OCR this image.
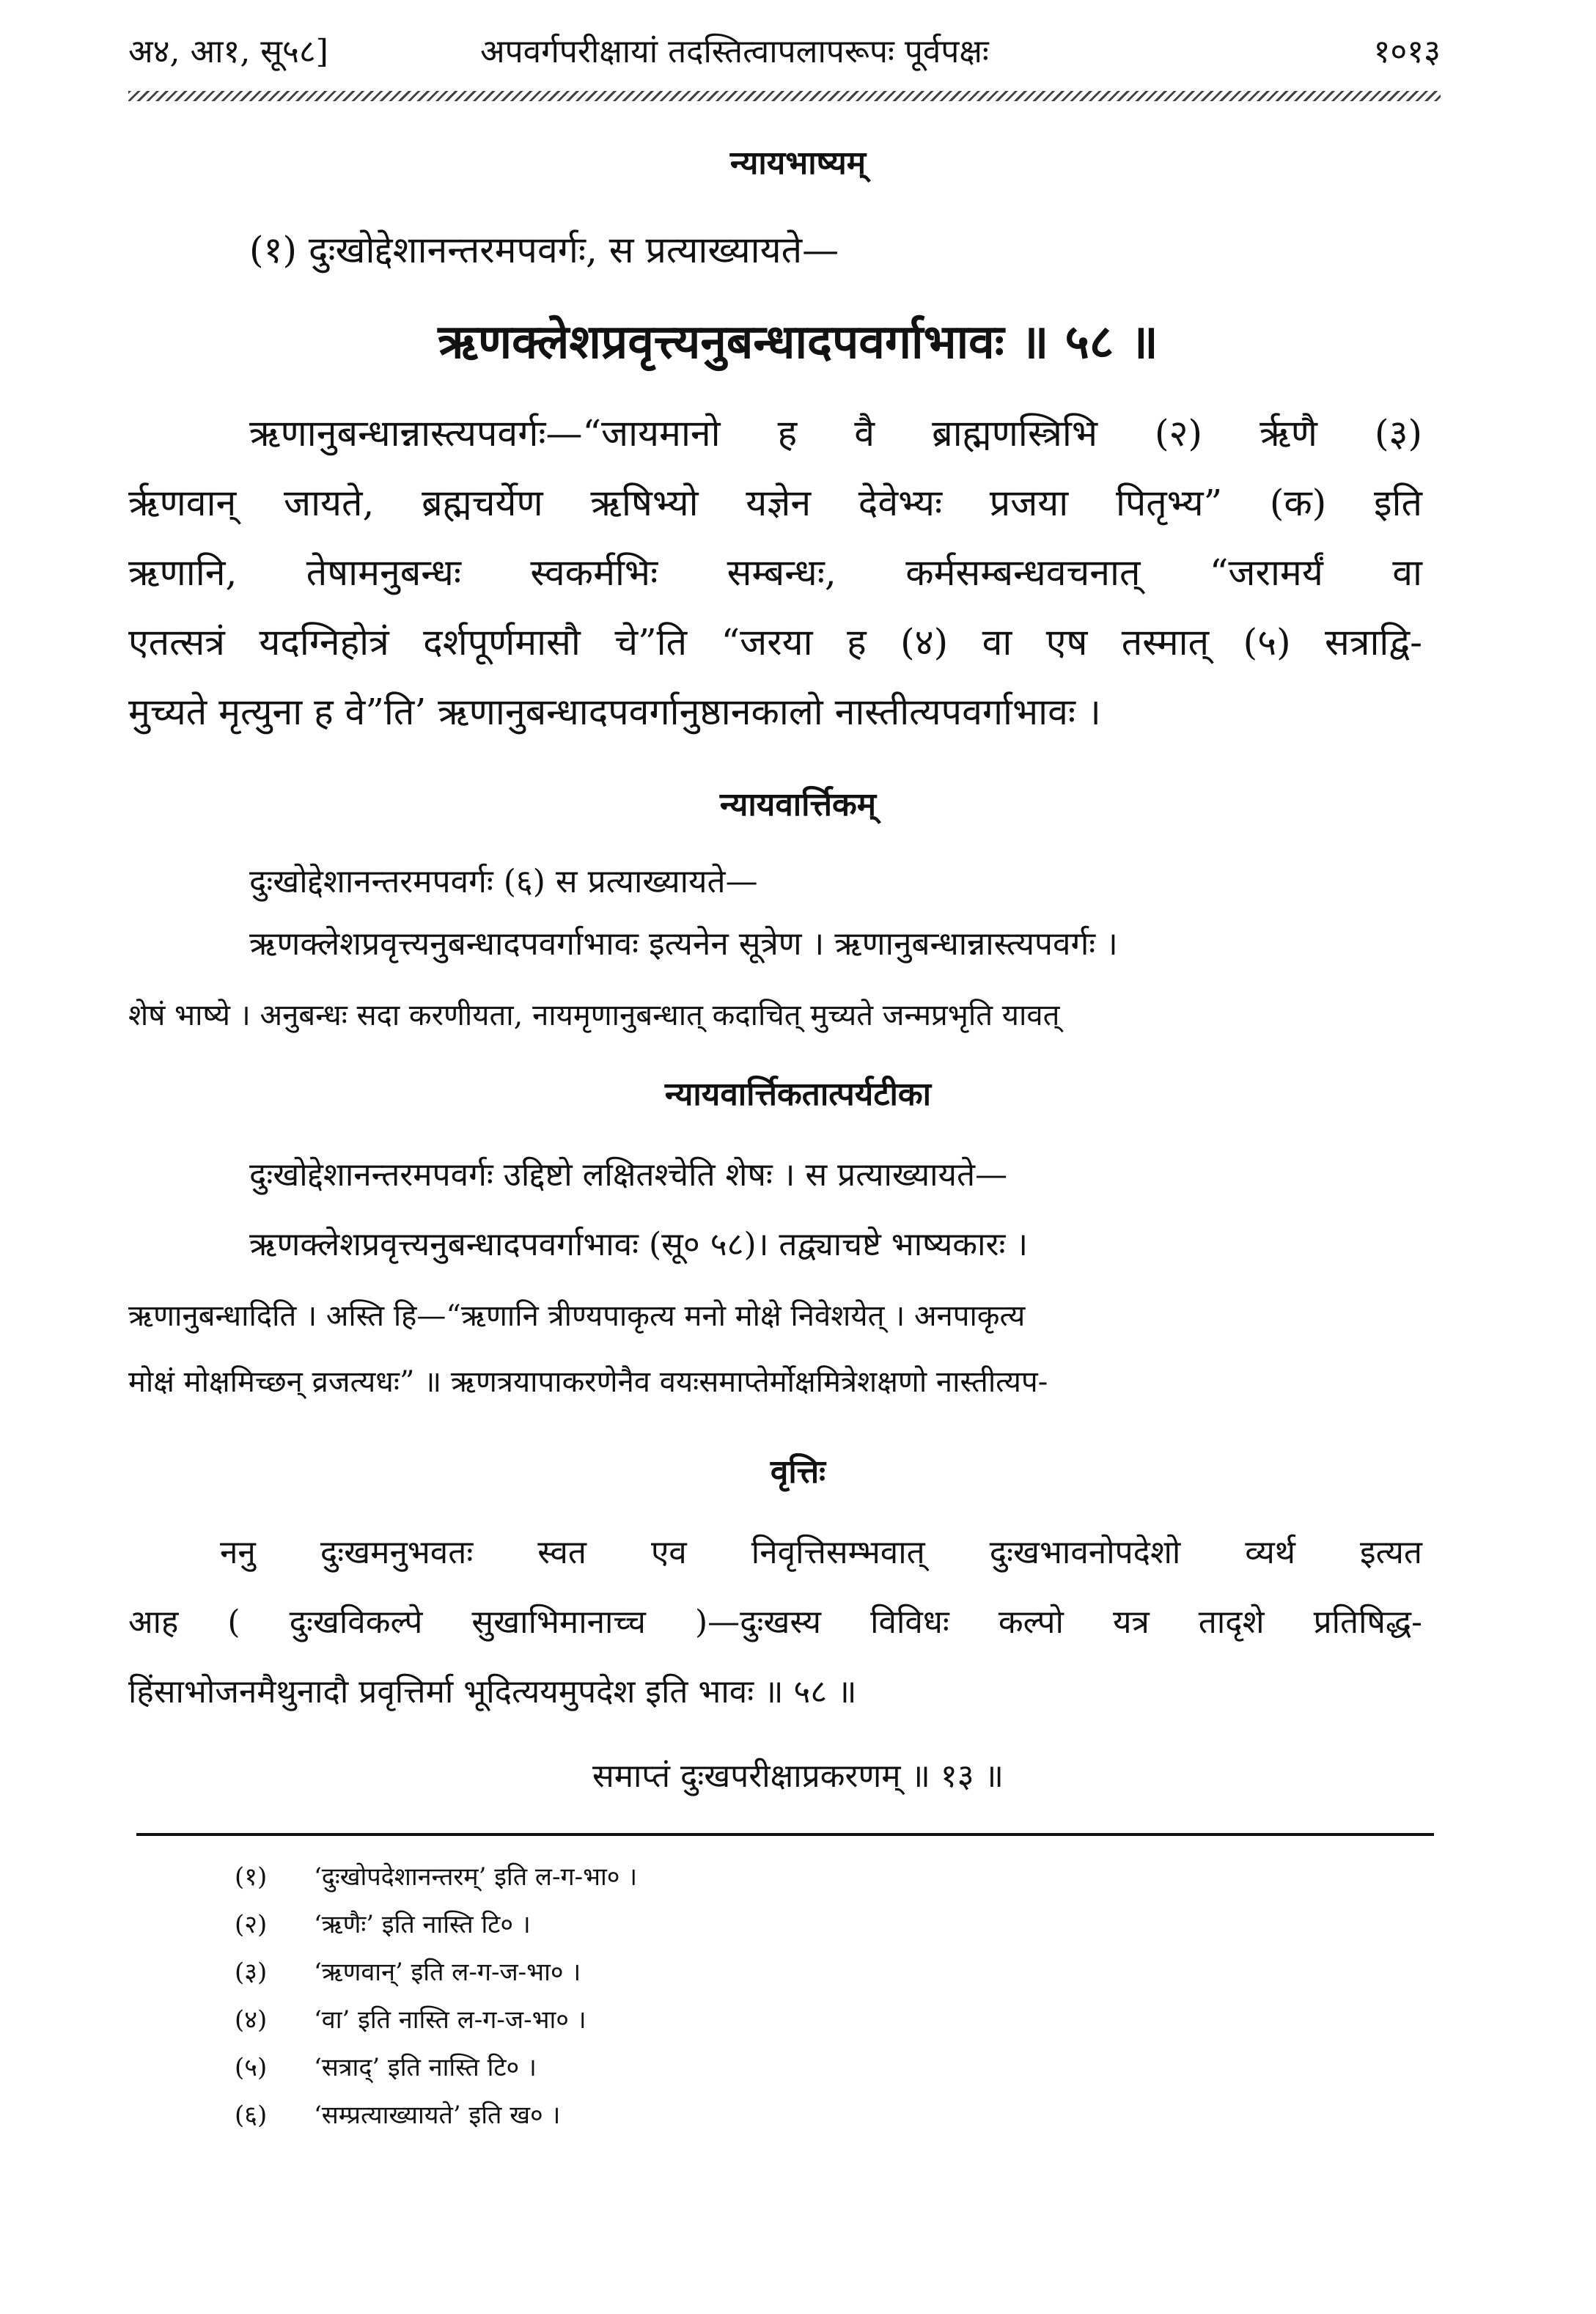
अ४, आ१, सू५८]	अपवर्गपरीक्षायां तदस्तित्वापलापरूपः पूर्वपक्षः	१०१३
न्यायभाष्यम्
(१) दुःखोद्देशानन्तरमपवर्गः, स प्रत्याख्यायते—
ऋणक्लेशप्रवृत्त्यनुबन्धादपवर्गाभावः ॥ ५८ ॥
ऋणानुबन्धान्नास्त्यपवर्गः—“जायमानो ह वै ब्राह्मणस्त्रिभि (२) र्ऋणै (३)
र्ऋणवान् जायते, ब्रह्मचर्येण ऋषिभ्यो यज्ञेन देवेभ्यः प्रजया पितृभ्य” (क) इति
ऋणानि, तेषामनुबन्धः स्वकर्मभिः सम्बन्धः, कर्मसम्बन्धवचनात् “जरामर्यं वा
एतत्सत्रं यदग्निहोत्रं दर्शपूर्णमासौ चे”ति “जरया ह (४) वा एष तस्मात् (५) सत्राद्वि-
मुच्यते मृत्युना ह वे”ति’ ऋणानुबन्धादपवर्गानुष्ठानकालो नास्तीत्यपवर्गाभावः ।
न्यायवार्त्तिकम्
दुःखोद्देशानन्तरमपवर्गः (६) स प्रत्याख्यायते—
ऋणक्लेशप्रवृत्त्यनुबन्धादपवर्गाभावः इत्यनेन सूत्रेण । ऋणानुबन्धान्नास्त्यपवर्गः ।
शेषं भाष्ये । अनुबन्धः सदा करणीयता, नायमृणानुबन्धात् कदाचित् मुच्यते जन्मप्रभृति यावत्
न्यायवार्त्तिकतात्पर्यटीका
दुःखोद्देशानन्तरमपवर्गः उद्दिष्टो लक्षितश्चेति शेषः । स प्रत्याख्यायते—
ऋणक्लेशप्रवृत्त्यनुबन्धादपवर्गाभावः (सू० ५८)। तद्व्याचष्टे भाष्यकारः ।
ऋणानुबन्धादिति । अस्ति हि—“ऋणानि त्रीण्यपाकृत्य मनो मोक्षे निवेशयेत् । अनपाकृत्य
मोक्षं मोक्षमिच्छन् व्रजत्यधः” ॥ ऋणत्रयापाकरणेनैव वयःसमाप्तेर्मोक्षमित्रेशक्षणो नास्तीत्यप-
वृत्तिः
ननु दुःखमनुभवतः स्वत एव निवृत्तिसम्भवात् दुःखभावनोपदेशो व्यर्थ इत्यत
आह ( दुःखविकल्पे सुखाभिमानाच्च )—दुःखस्य विविधः कल्पो यत्र तादृशे प्रतिषिद्ध-
हिंसाभोजनमैथुनादौ प्रवृत्तिर्मा भूदित्ययमुपदेश इति भावः ॥ ५८ ॥
समाप्तं दुःखपरीक्षाप्रकरणम् ॥ १३ ॥
(१) ‘दुःखोपदेशानन्तरम्’ इति ल-ग-भा० ।
(२) ‘ऋणैः’ इति नास्ति टि० ।
(३) ‘ऋणवान्’ इति ल-ग-ज-भा० ।
(४) ‘वा’ इति नास्ति ल-ग-ज-भा० ।
(५) ‘सत्राद्’ इति नास्ति टि० ।
(६) ‘सम्प्रत्याख्यायते’ इति ख० ।
